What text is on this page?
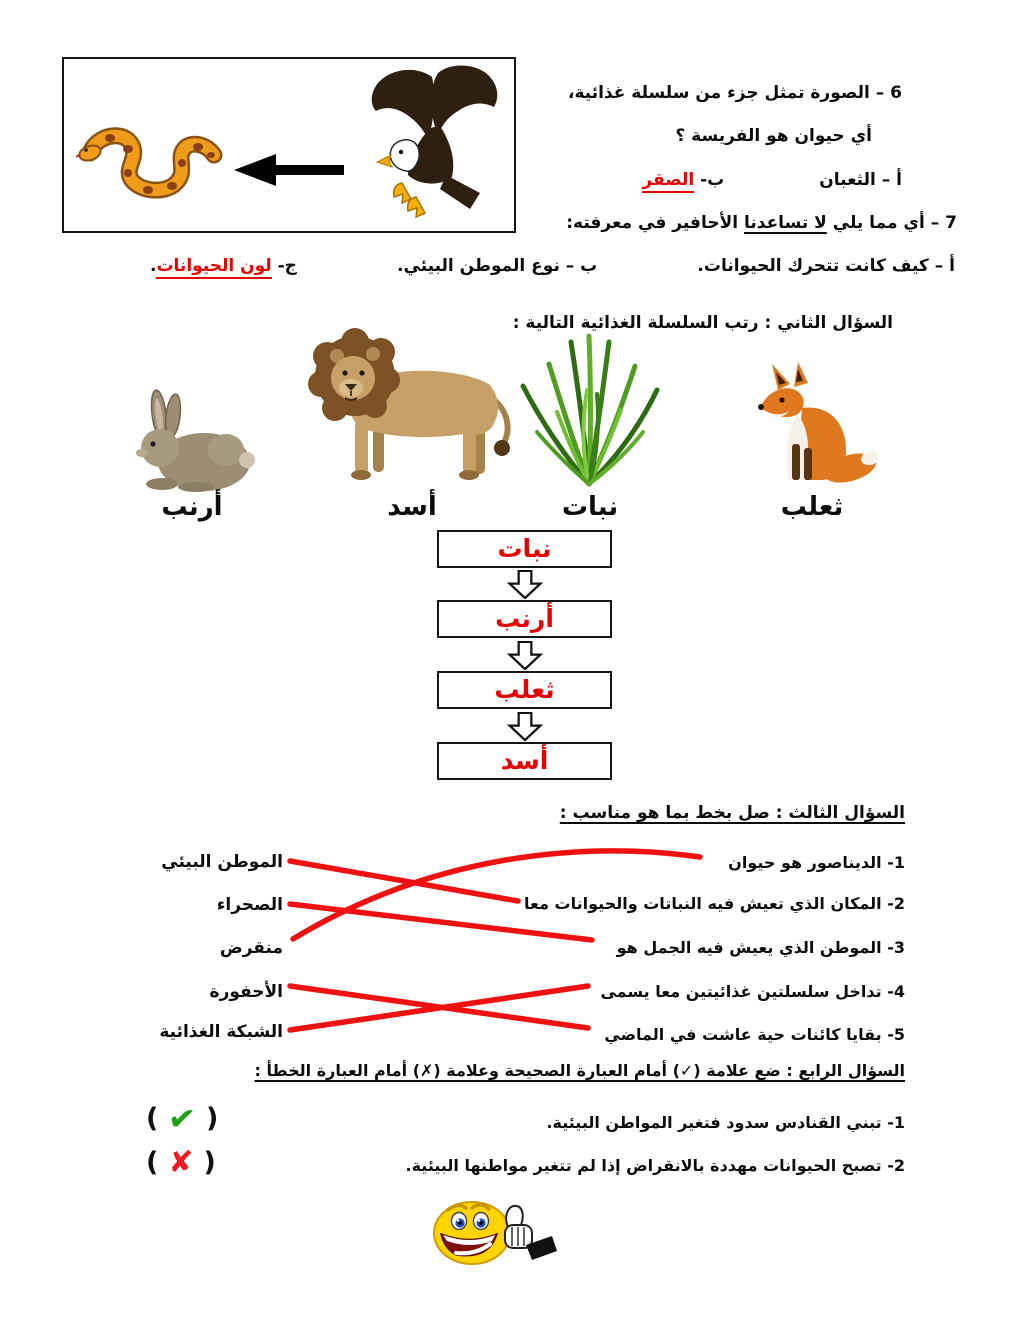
6 – الصورة تمثل جزء من سلسلة غذائية،
أي حيوان هو الفريسة ؟
أ – الثعبان
ب- الصقر
7 – أي مما يلي لا تساعدنا الأحافير في معرفته:
أ – كيف كانت تتحرك الحيوانات.
ب – نوع الموطن البيئي.
ج- لون الحيوانات.
السؤال الثاني : رتب السلسلة الغذائية التالية :
أرنب	أسد	نبات	ثعلب
نبات
أرنب
ثعلب
أسد
السؤال الثالث : صل بخط بما هو مناسب :
1- الديناصور هو حيوان
2- المكان الذي تعيش فيه النباتات والحيوانات معا
3- الموطن الذي يعيش فيه الجمل هو
4- تداخل سلسلتين غذائيتين معا يسمى
5- بقايا كائنات حية عاشت في الماضي
الموطن البيئي
الصحراء
منقرض
الأحفورة
الشبكة الغذائية
السؤال الرابع : ضع علامة (✓) أمام العبارة الصحيحة وعلامة (✗) أمام العبارة الخطأ :
1- تبني القنادس سدود فتغير المواطن البيئية.
( ✔ )
2- تصبح الحيوانات مهددة بالانقراض إذا لم تتغير مواطنها البيئية.
( ✘ )
